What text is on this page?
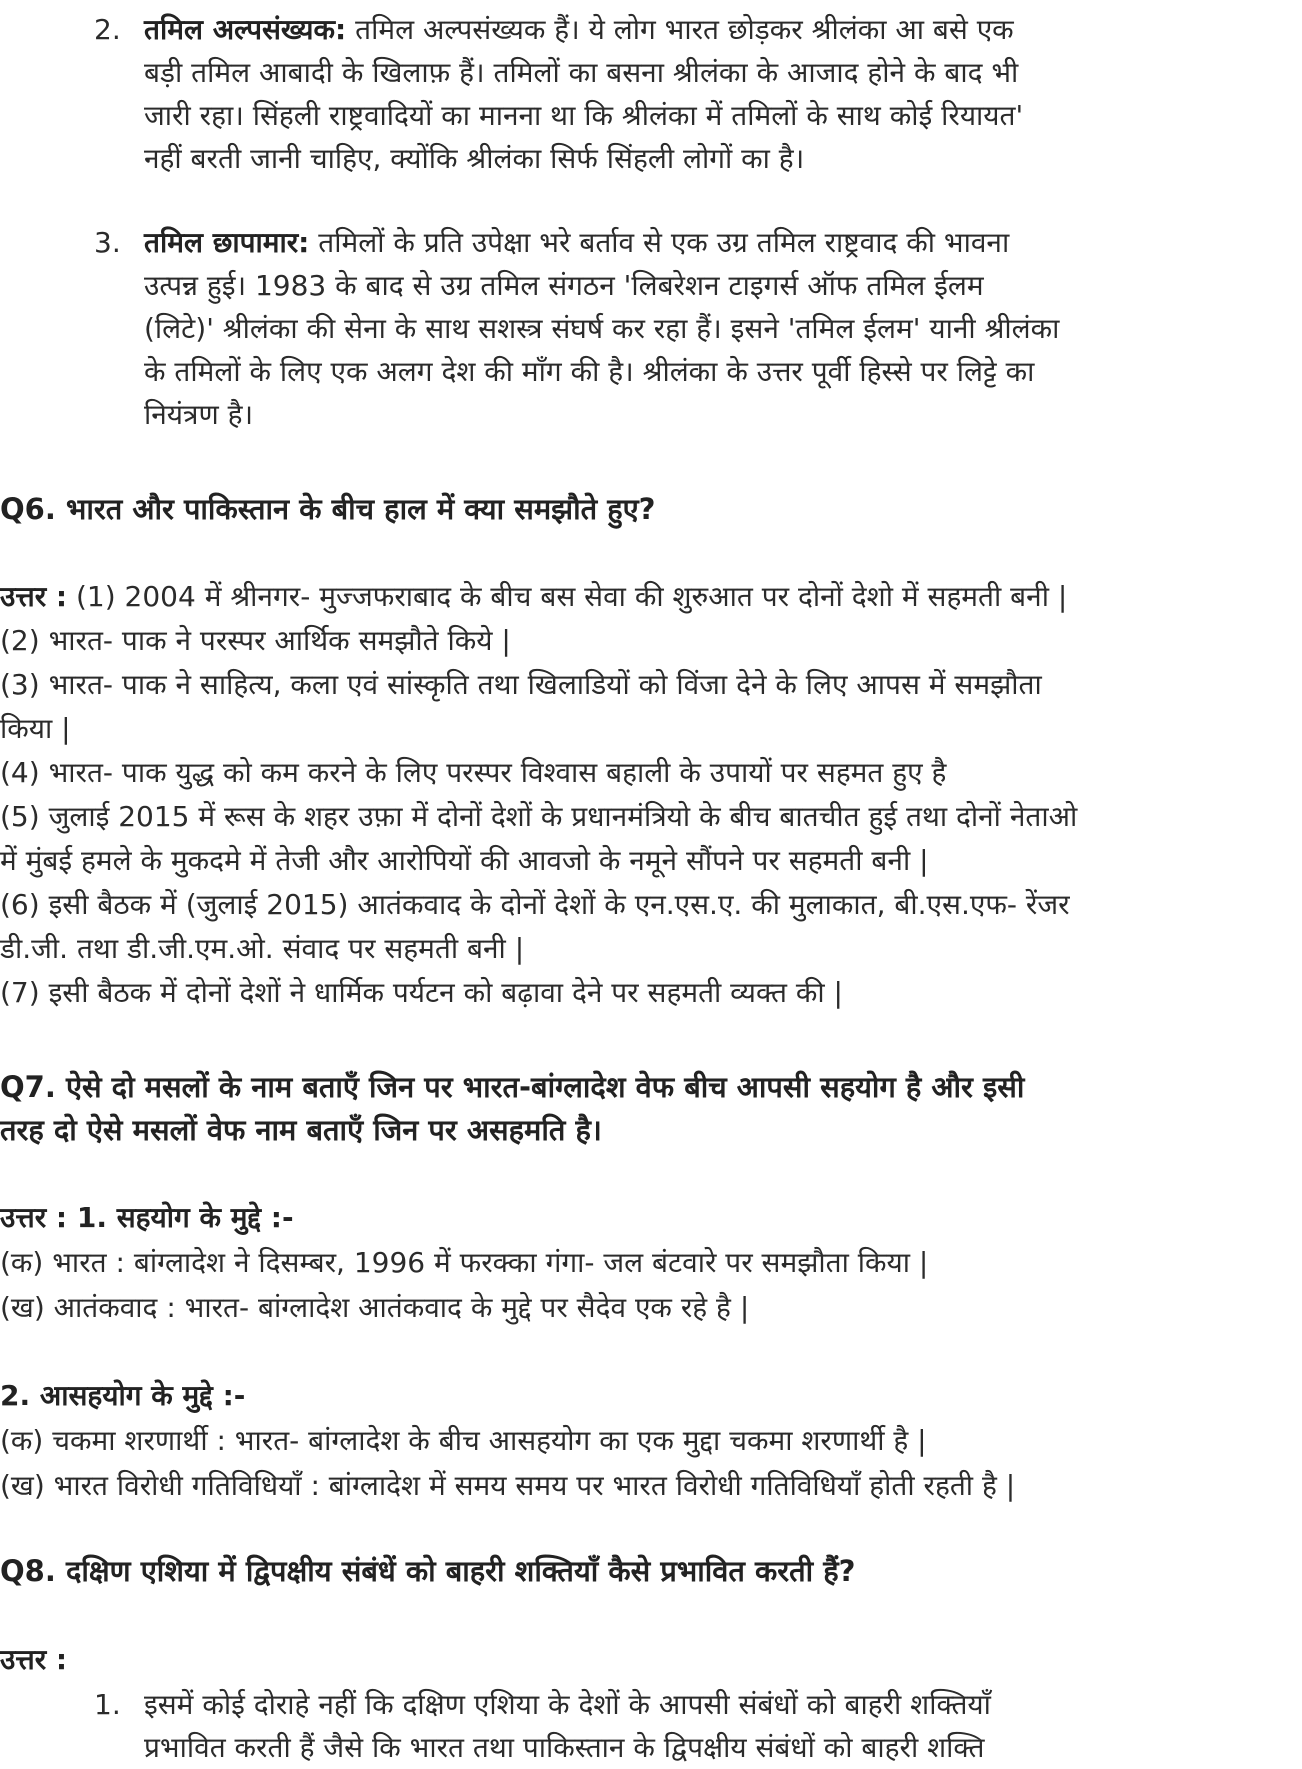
2. तमिल अल्पसंख्यक: तमिल अल्पसंख्यक हैं। ये लोग भारत छोड़कर श्रीलंका आ बसे एक
बड़ी तमिल आबादी के खिलाफ़ हैं। तमिलों का बसना श्रीलंका के आजाद होने के बाद भी
जारी रहा। सिंहली राष्ट्रवादियों का मानना था कि श्रीलंका में तमिलों के साथ कोई रियायत'
नहीं बरती जानी चाहिए, क्योंकि श्रीलंका सिर्फ सिंहली लोगों का है।
3. तमिल छापामार: तमिलों के प्रति उपेक्षा भरे बर्ताव से एक उग्र तमिल राष्ट्रवाद की भावना
उत्पन्न हुई। 1983 के बाद से उग्र तमिल संगठन 'लिबरेशन टाइगर्स ऑफ तमिल ईलम
(लिटे)' श्रीलंका की सेना के साथ सशस्त्र संघर्ष कर रहा हैं। इसने 'तमिल ईलम' यानी श्रीलंका
के तमिलों के लिए एक अलग देश की माँग की है। श्रीलंका के उत्तर पूर्वी हिस्से पर लिट्टे का
नियंत्रण है।
Q6. भारत और पाकिस्तान के बीच हाल में क्या समझौते हुए?
उत्तर : (1) 2004 में श्रीनगर- मुज्जफराबाद के बीच बस सेवा की शुरुआत पर दोनों देशो में सहमती बनी |
(2) भारत- पाक ने परस्पर आर्थिक समझौते किये |
(3) भारत- पाक ने साहित्य, कला एवं सांस्कृति तथा खिलाडियों को विंजा देने के लिए आपस में समझौता
किया |
(4) भारत- पाक युद्ध को कम करने के लिए परस्पर विश्वास बहाली के उपायों पर सहमत हुए है
(5) जुलाई 2015 में रूस के शहर उफ़ा में दोनों देशों के प्रधानमंत्रियो के बीच बातचीत हुई तथा दोनों नेताओ
में मुंबई हमले के मुकदमे में तेजी और आरोपियों की आवजो के नमूने सौंपने पर सहमती बनी |
(6) इसी बैठक में (जुलाई 2015) आतंकवाद के दोनों देशों के एन.एस.ए. की मुलाकात, बी.एस.एफ- रेंजर
डी.जी. तथा डी.जी.एम.ओ. संवाद पर सहमती बनी |
(7) इसी बैठक में दोनों देशों ने धार्मिक पर्यटन को बढ़ावा देने पर सहमती व्यक्त की |
Q7. ऐसे दो मसलों के नाम बताएँ जिन पर भारत-बांग्लादेश वेफ बीच आपसी सहयोग है और इसी
तरह दो ऐसे मसलों वेफ नाम बताएँ जिन पर असहमति है।
उत्तर : 1. सहयोग के मुद्दे :-
(क) भारत : बांग्लादेश ने दिसम्बर, 1996 में फरक्का गंगा- जल बंटवारे पर समझौता किया |
(ख) आतंकवाद : भारत- बांग्लादेश आतंकवाद के मुद्दे पर सैदेव एक रहे है |
2. आसहयोग के मुद्दे :-
(क) चकमा शरणार्थी : भारत- बांग्लादेश के बीच आसहयोग का एक मुद्दा चकमा शरणार्थी है |
(ख) भारत विरोधी गतिविधियाँ : बांग्लादेश में समय समय पर भारत विरोधी गतिविधियाँ होती रहती है |
Q8. दक्षिण एशिया में द्विपक्षीय संबंधें को बाहरी शक्तियाँ कैसे प्रभावित करती हैं?
उत्तर :
1. इसमें कोई दोराहे नहीं कि दक्षिण एशिया के देशों के आपसी संबंधों को बाहरी शक्तियाँ
प्रभावित करती हैं जैसे कि भारत तथा पाकिस्तान के द्विपक्षीय संबंधों को बाहरी शक्ति
